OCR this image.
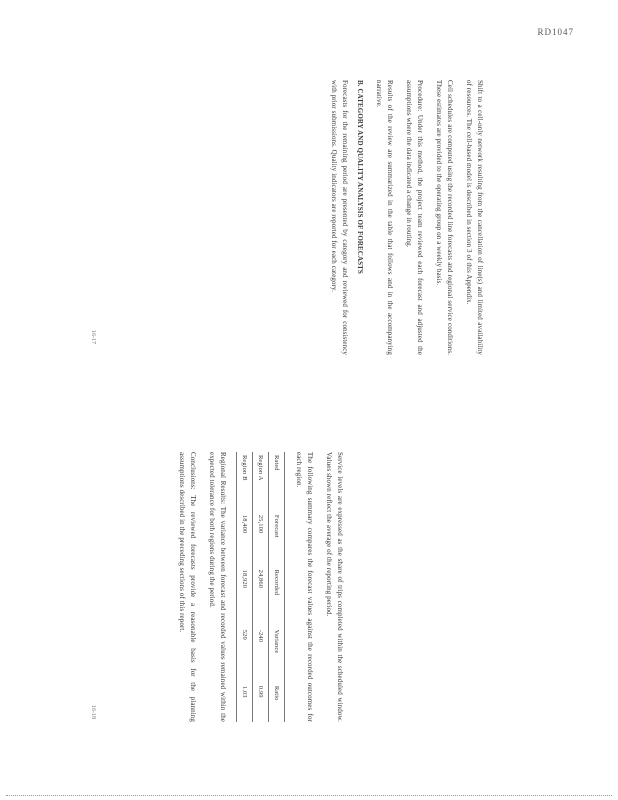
RD1047
16-17
16-18

Shift to a cell-only network resulting from the cancellation of line(s) and limited availability of resources. The cell-based model is described in section 3 of this Appendix.

Cell schedules are computed using the recorded line forecasts and regional service conditions. These estimates are provided to the operating group on a weekly basis.

Procedure: Under this method, the project team reviewed each forecast and adjusted the assumptions where the data indicated a change in routing.

Results of the review are summarized in the table that follows and in the accompanying narrative.

B. CATEGORY AND QUALITY ANALYSIS OF FORECASTS

Forecasts for the remaining period are presented by category and reviewed for consistency with prior submissions. Quality indicators are reported for each category.

Service levels are expressed as the share of trips completed within the scheduled window. Values shown reflect the average of the reporting period.

The following summary compares the forecast values against the recorded outcomes for each region.

Rated	Forecast	Recorded	Variance	Ratio
Region A	25,100	24,860	-240	0.99
Region B	18,400	18,920	520	1.03

Regional Results: The variance between forecast and recorded values remained within the expected tolerance for both regions during the period.

Conclusions: The reviewed forecasts provide a reasonable basis for the planning assumptions described in the preceding sections of this report.
